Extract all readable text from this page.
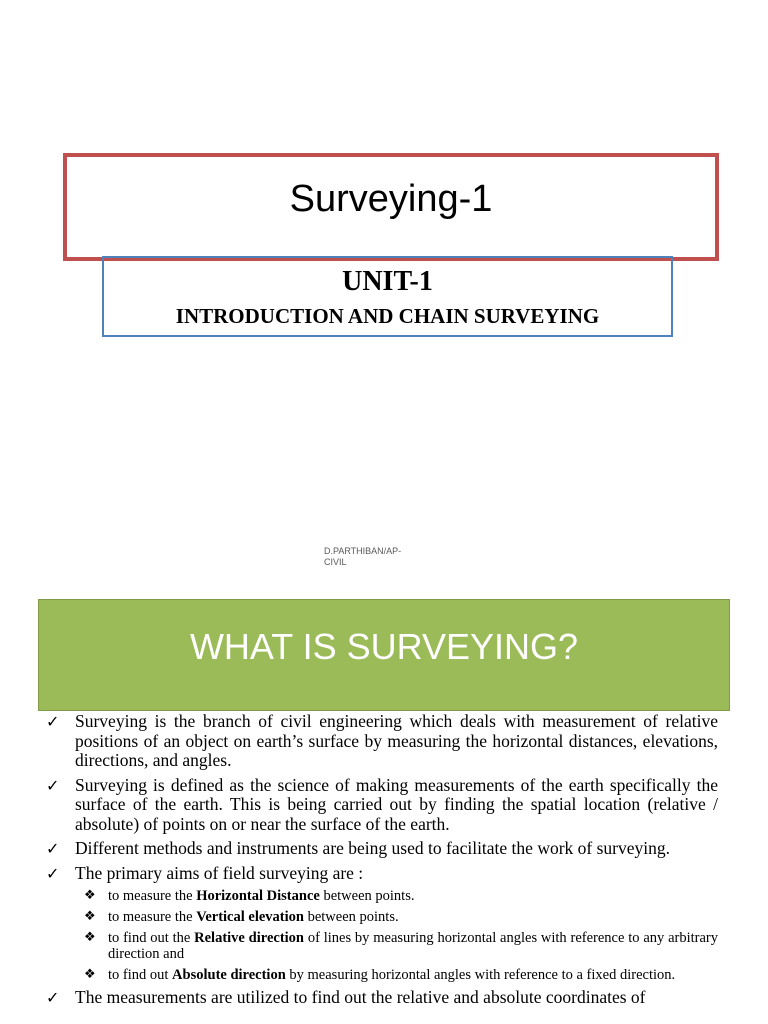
Surveying-1
UNIT-1
INTRODUCTION AND CHAIN SURVEYING
D.PARTHIBAN/AP-
CIVIL
WHAT IS SURVEYING?
✓ Surveying is the branch of civil engineering which deals with measurement of relative positions of an object on earth’s surface by measuring the horizontal distances, elevations, directions, and angles.
✓ Surveying is defined as the science of making measurements of the earth specifically the surface of the earth. This is being carried out by finding the spatial location (relative / absolute) of points on or near the surface of the earth.
✓ Different methods and instruments are being used to facilitate the work of surveying.
✓ The primary aims of field surveying are :
❖ to measure the Horizontal Distance between points.
❖ to measure the Vertical elevation between points.
❖ to find out the Relative direction of lines by measuring horizontal angles with reference to any arbitrary direction and
❖ to find out Absolute direction by measuring horizontal angles with reference to a fixed direction.
✓ The measurements are utilized to find out the relative and absolute coordinates of
